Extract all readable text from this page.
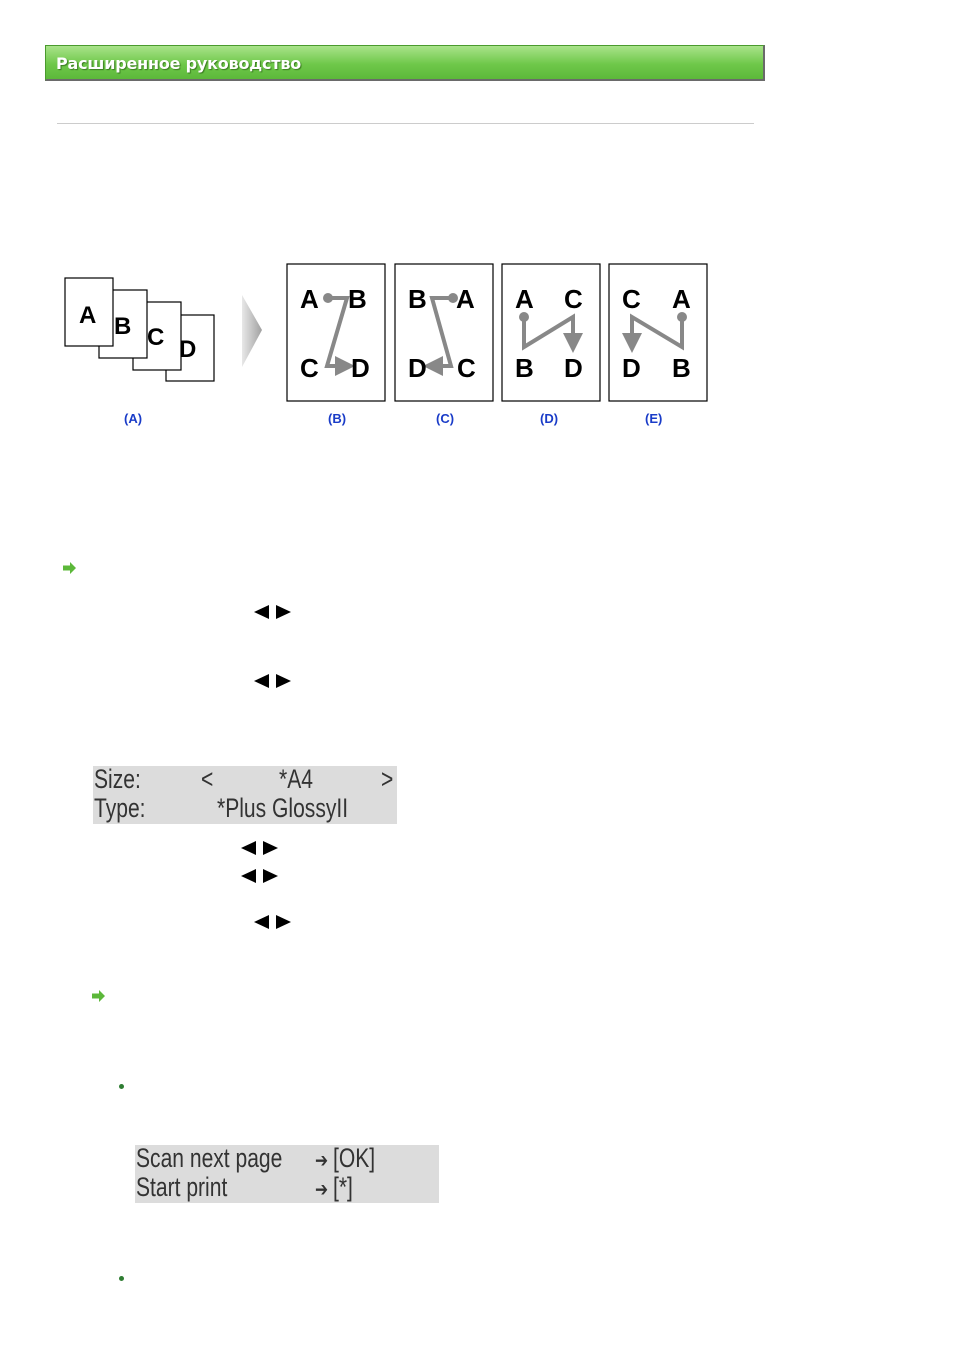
Расширенное руководство
A B C D
A B
C D
B A
D C
A C
B D
C A
D B
(A)	(B)	(C)	(D)	(E)
Size: < *A4	>
Type:	*Plus GlossyII
Scan next page ➔ [OK]
Start print	➔ [*]
